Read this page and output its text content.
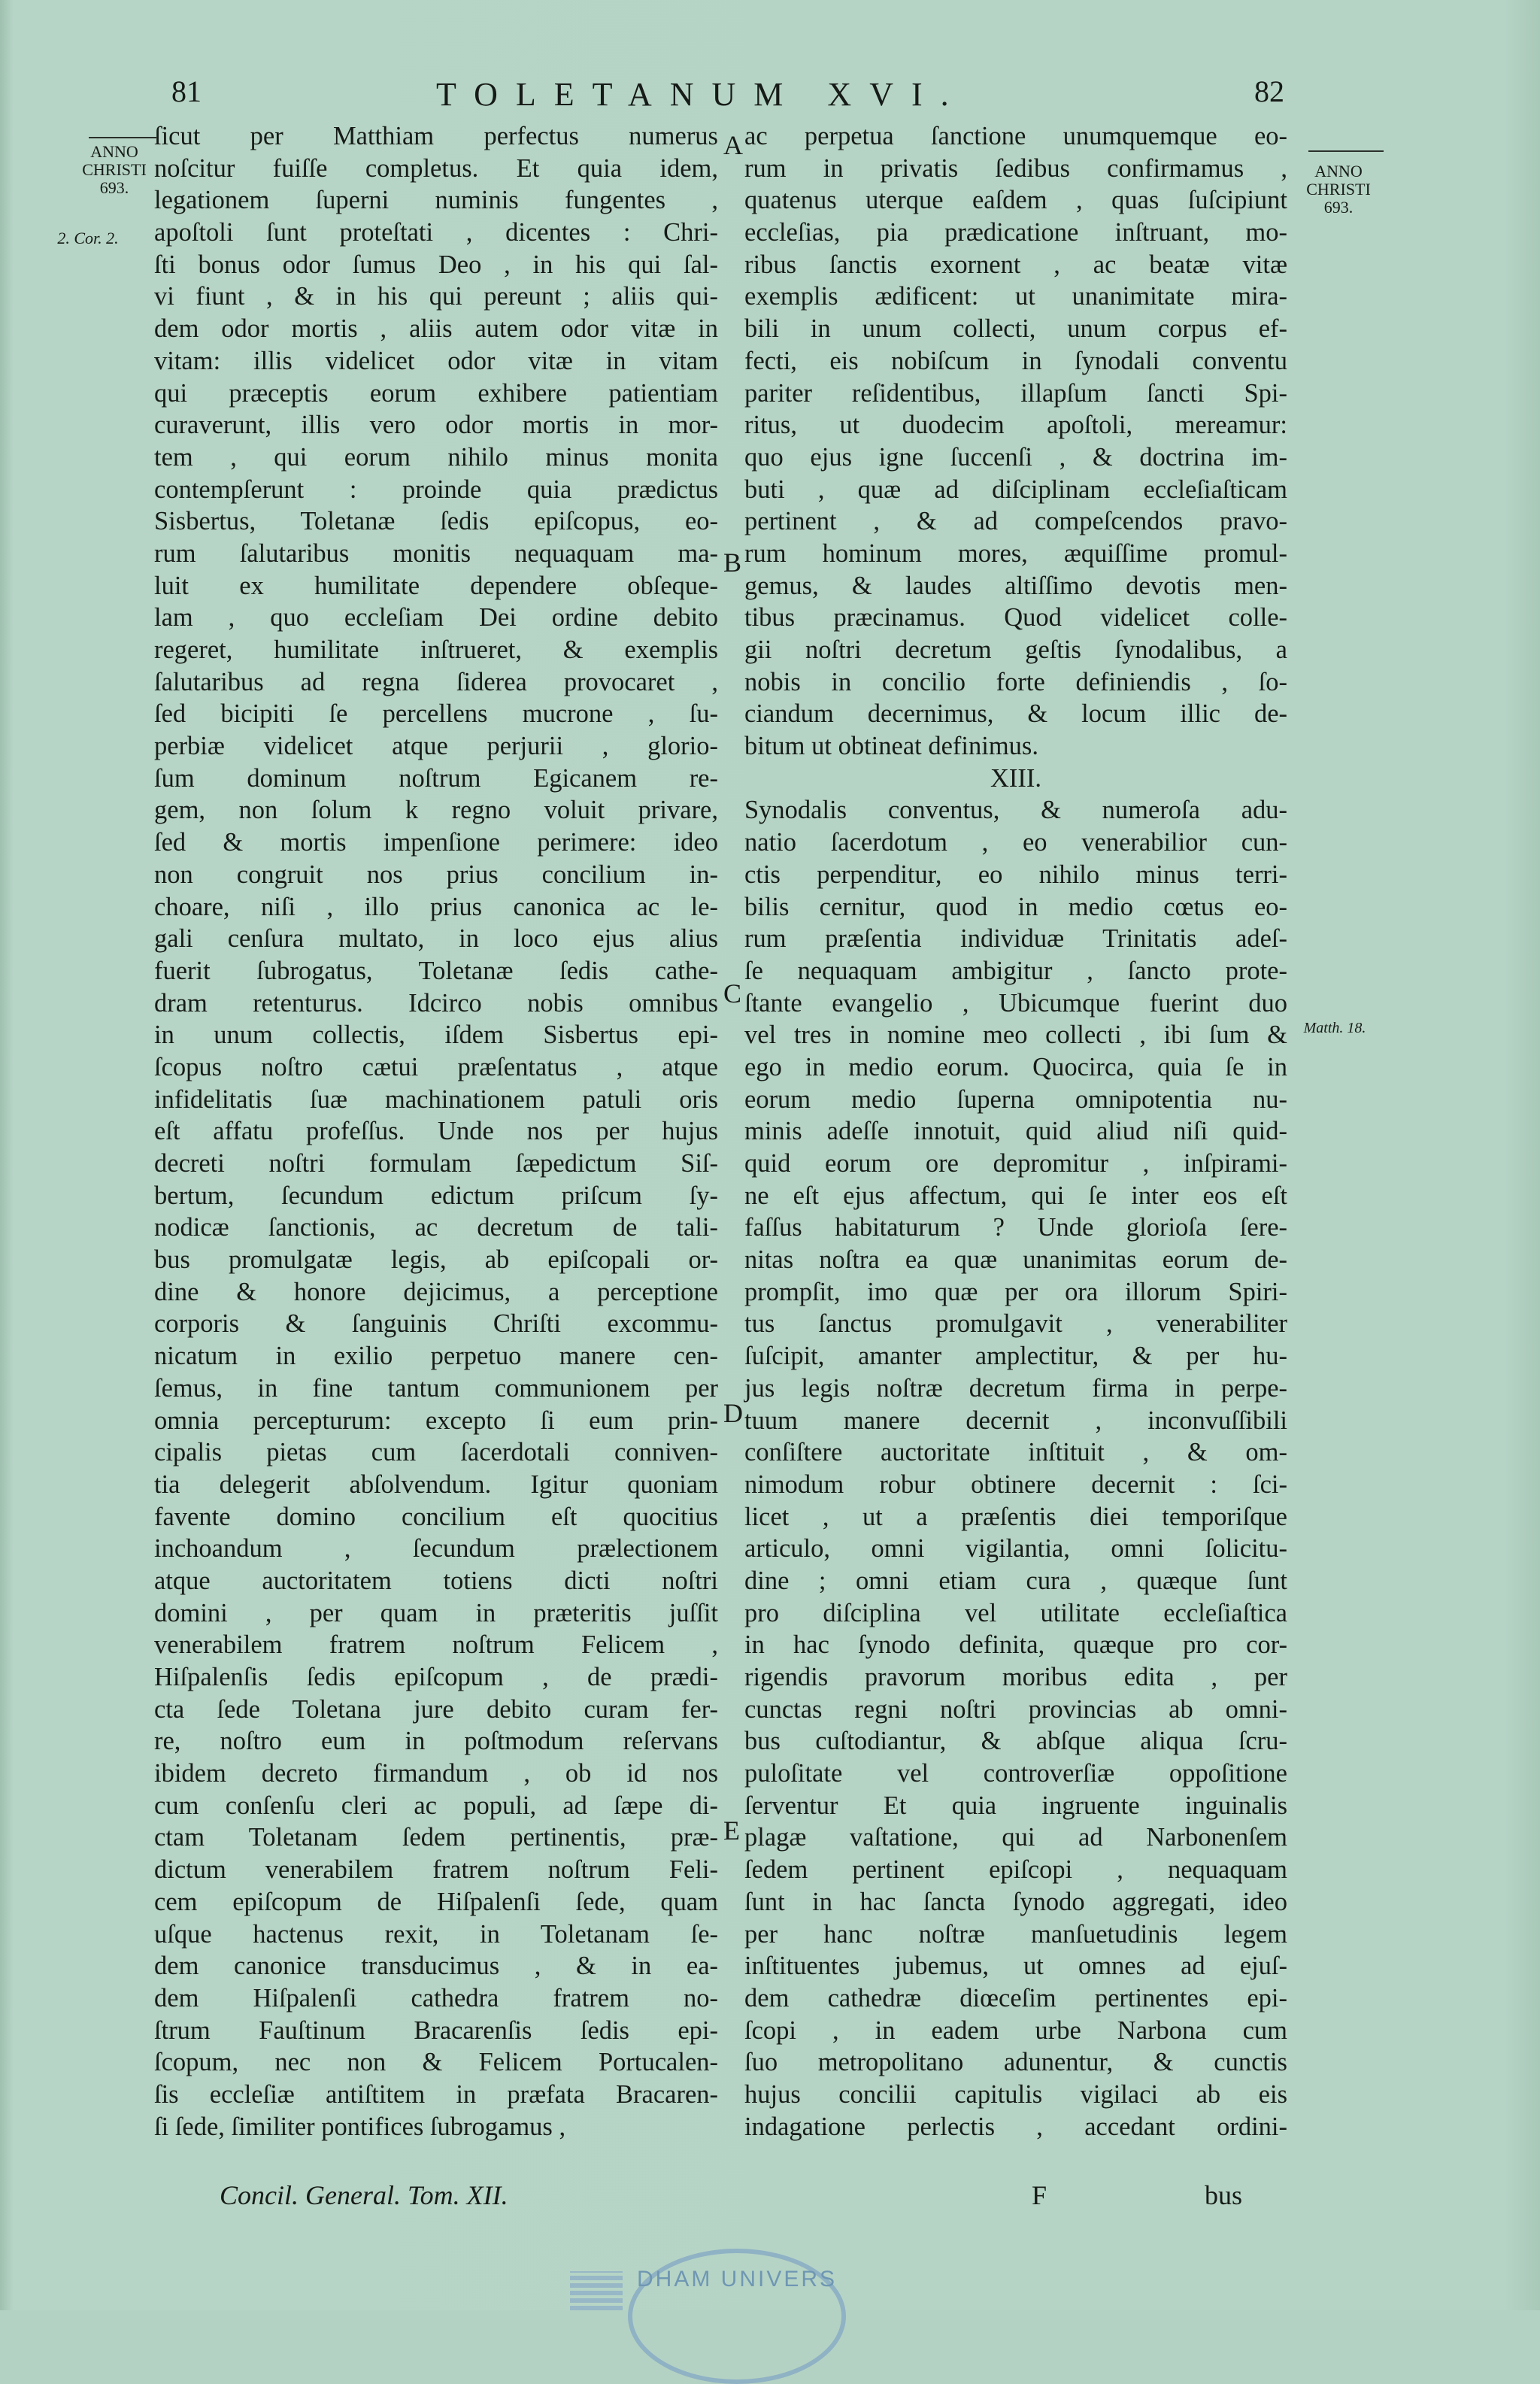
81	TOLETANUM XVI.	82
ANNO
CHRISTI
693.
2. Cor. 2.
ANNO
CHRISTI
693.
Matth. 18.
A
B
C
D
E
ſicut per Matthiam perfectus numerus
noſcitur fuiſſe completus. Et quia idem,
legationem ſuperni numinis fungentes ,
apoſtoli ſunt proteſtati , dicentes : Chri-
ſti bonus odor ſumus Deo , in his qui ſal-
vi fiunt , & in his qui pereunt ; aliis qui-
dem odor mortis , aliis autem odor vitæ in
vitam: illis videlicet odor vitæ in vitam
qui præceptis eorum exhibere patientiam
curaverunt, illis vero odor mortis in mor-
tem , qui eorum nihilo minus monita
contempſerunt : proinde quia prædictus
Sisbertus, Toletanæ ſedis epiſcopus, eo-
rum ſalutaribus monitis nequaquam ma-
luit ex humilitate dependere obſeque-
lam , quo eccleſiam Dei ordine debito
regeret, humilitate inſtrueret, & exemplis
ſalutaribus ad regna ſiderea provocaret ,
ſed bicipiti ſe percellens mucrone , ſu-
perbiæ videlicet atque perjurii , glorio-
ſum dominum noſtrum Egicanem re-
gem, non ſolum k regno voluit privare,
ſed & mortis impenſione perimere: ideo
non congruit nos prius concilium in-
choare, niſi , illo prius canonica ac le-
gali cenſura multato, in loco ejus alius
fuerit ſubrogatus, Toletanæ ſedis cathe-
dram retenturus. Idcirco nobis omnibus
in unum collectis, iſdem Sisbertus epi-
ſcopus noſtro cætui præſentatus , atque
infidelitatis ſuæ machinationem patuli oris
eſt affatu profeſſus. Unde nos per hujus
decreti noſtri formulam ſæpedictum Siſ-
bertum, ſecundum edictum priſcum ſy-
nodicæ ſanctionis, ac decretum de tali-
bus promulgatæ legis, ab epiſcopali or-
dine & honore dejicimus, a perceptione
corporis & ſanguinis Chriſti excommu-
nicatum in exilio perpetuo manere cen-
ſemus, in fine tantum communionem per
omnia percepturum: excepto ſi eum prin-
cipalis pietas cum ſacerdotali conniven-
tia delegerit abſolvendum. Igitur quoniam
favente domino concilium eſt quocitius
inchoandum , ſecundum prælectionem
atque auctoritatem totiens dicti noſtri
domini , per quam in præteritis juſſit
venerabilem fratrem noſtrum Felicem ,
Hiſpalenſis ſedis epiſcopum , de prædi-
cta ſede Toletana jure debito curam fer-
re, noſtro eum in poſtmodum reſervans
ibidem decreto firmandum , ob id nos
cum conſenſu cleri ac populi, ad ſæpe di-
ctam Toletanam ſedem pertinentis, præ-
dictum venerabilem fratrem noſtrum Feli-
cem epiſcopum de Hiſpalenſi ſede, quam
uſque hactenus rexit, in Toletanam ſe-
dem canonice transducimus , & in ea-
dem Hiſpalenſi cathedra fratrem no-
ſtrum Fauſtinum Bracarenſis ſedis epi-
ſcopum, nec non & Felicem Portucalen-
ſis eccleſiæ antiſtitem in præfata Bracaren-
ſi ſede, ſimiliter pontifices ſubrogamus ,
ac perpetua ſanctione unumquemque eo-
rum in privatis ſedibus confirmamus ,
quatenus uterque eaſdem , quas ſuſcipiunt
eccleſias, pia prædicatione inſtruant, mo-
ribus ſanctis exornent , ac beatæ vitæ
exemplis ædificent: ut unanimitate mira-
bili in unum collecti, unum corpus ef-
fecti, eis nobiſcum in ſynodali conventu
pariter reſidentibus, illapſum ſancti Spi-
ritus, ut duodecim apoſtoli, mereamur:
quo ejus igne ſuccenſi , & doctrina im-
buti , quæ ad diſciplinam eccleſiaſticam
pertinent , & ad compeſcendos pravo-
rum hominum mores, æquiſſime promul-
gemus, & laudes altiſſimo devotis men-
tibus præcinamus. Quod videlicet colle-
gii noſtri decretum geſtis ſynodalibus, a
nobis in concilio forte definiendis , ſo-
ciandum decernimus, & locum illic de-
bitum ut obtineat definimus.
XIII.
Synodalis conventus, & numeroſa adu-
natio ſacerdotum , eo venerabilior cun-
ctis perpenditur, eo nihilo minus terri-
bilis cernitur, quod in medio cœtus eo-
rum præſentia individuæ Trinitatis adeſ-
ſe nequaquam ambigitur , ſancto prote-
ſtante evangelio , Ubicumque fuerint duo
vel tres in nomine meo collecti , ibi ſum &
ego in medio eorum. Quocirca, quia ſe in
eorum medio ſuperna omnipotentia nu-
minis adeſſe innotuit, quid aliud niſi quid-
quid eorum ore depromitur , inſpirami-
ne eſt ejus affectum, qui ſe inter eos eſt
faſſus habitaturum ? Unde glorioſa ſere-
nitas noſtra ea quæ unanimitas eorum de-
prompſit, imo quæ per ora illorum Spiri-
tus ſanctus promulgavit , venerabiliter
ſuſcipit, amanter amplectitur, & per hu-
jus legis noſtræ decretum firma in perpe-
tuum manere decernit , inconvuſſibili
conſiſtere auctoritate inſtituit , & om-
nimodum robur obtinere decernit : ſci-
licet , ut a præſentis diei temporiſque
articulo, omni vigilantia, omni ſolicitu-
dine ; omni etiam cura , quæque ſunt
pro diſciplina vel utilitate eccleſiaſtica
in hac ſynodo definita, quæque pro cor-
rigendis pravorum moribus edita , per
cunctas regni noſtri provincias ab omni-
bus cuſtodiantur, & abſque aliqua ſcru-
puloſitate vel controverſiæ oppoſitione
ſerventur Et quia ingruente inguinalis
plagæ vaſtatione, qui ad Narbonenſem
ſedem pertinent epiſcopi , nequaquam
ſunt in hac ſancta ſynodo aggregati, ideo
per hanc noſtræ manſuetudinis legem
inſtituentes jubemus, ut omnes ad ejuſ-
dem cathedræ diœceſim pertinentes epi-
ſcopi , in eadem urbe Narbona cum
ſuo metropolitano adunentur, & cunctis
hujus concilii capitulis vigilaci ab eis
indagatione perlectis , accedant ordini-
Concil. General. Tom. XII.	F	bus
DHAM UNIVERS
